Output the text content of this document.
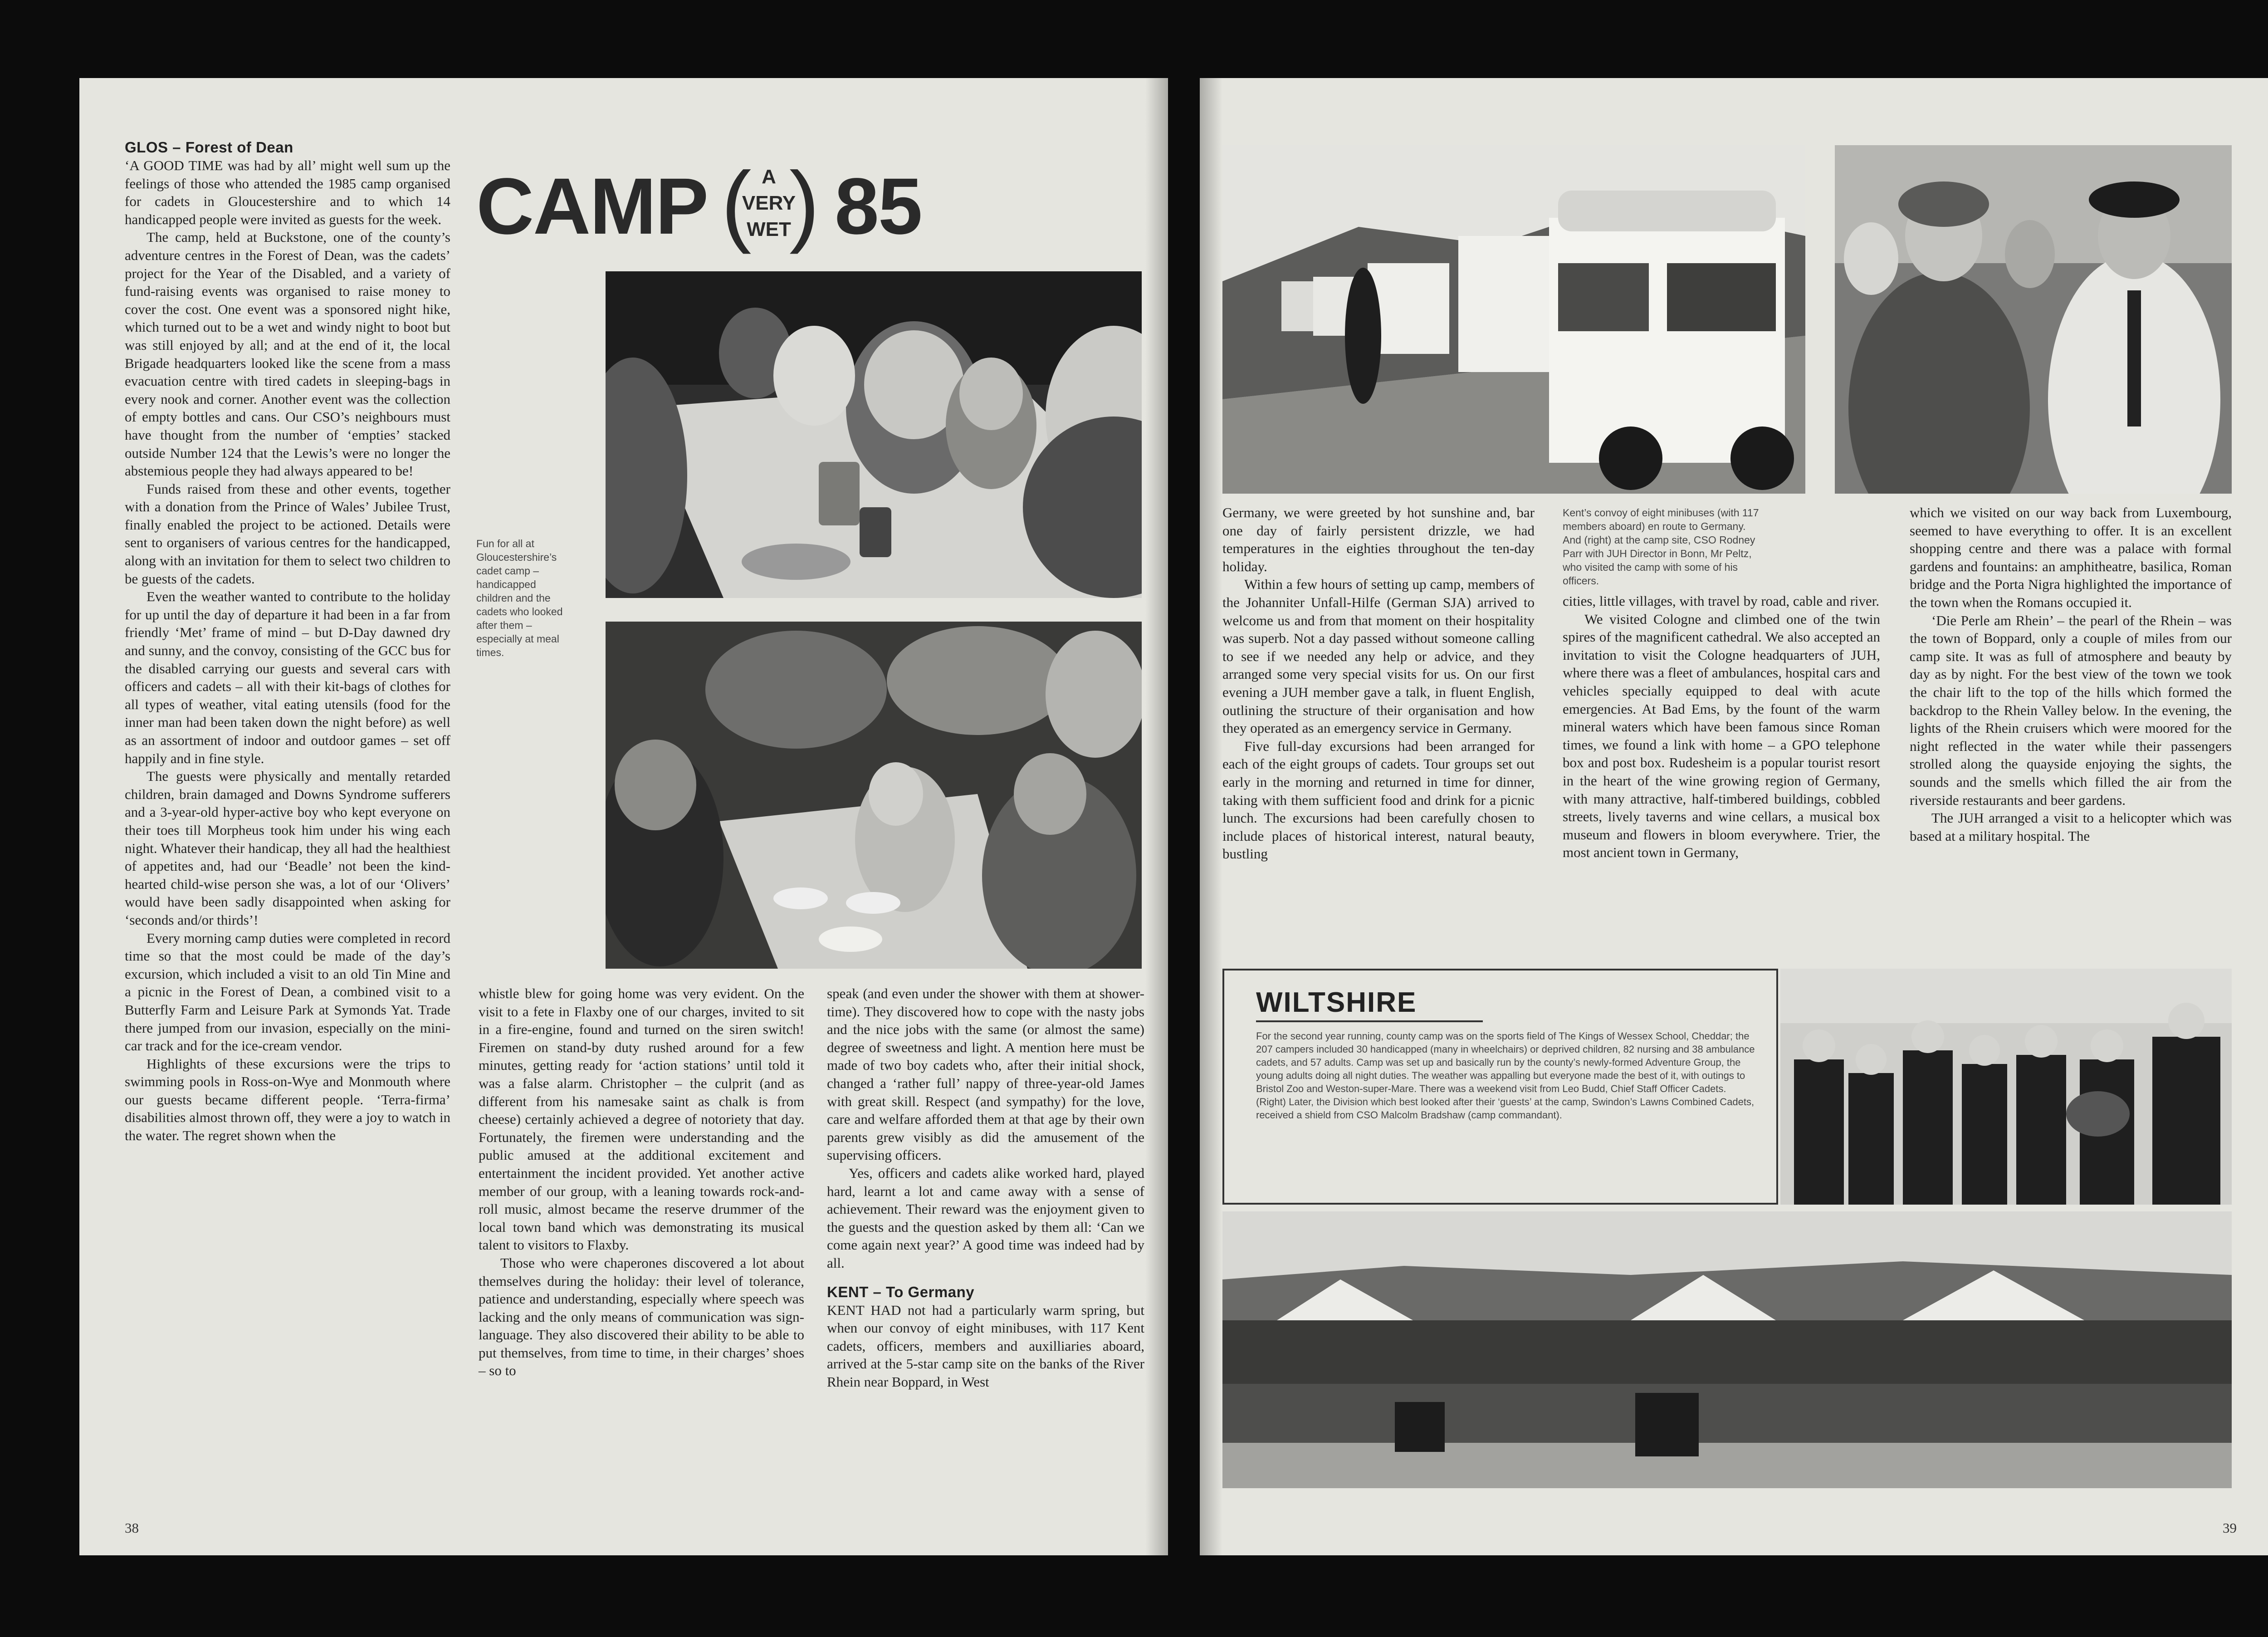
GLOS – Forest of Dean

‘A GOOD TIME was had by all’ might well sum up the feelings of those who attended the 1985 camp organised for cadets in Gloucestershire and to which 14 handicapped people were invited as guests for the week.

The camp, held at Buckstone, one of the county’s adventure centres in the Forest of Dean, was the cadets’ project for the Year of the Disabled, and a variety of fund-raising events was organised to raise money to cover the cost. One event was a sponsored night hike, which turned out to be a wet and windy night to boot but was still enjoyed by all; and at the end of it, the local Brigade headquarters looked like the scene from a mass evacuation centre with tired cadets in sleeping-bags in every nook and corner. Another event was the collection of empty bottles and cans. Our CSO’s neighbours must have thought from the number of ‘empties’ stacked outside Number 124 that the Lewis’s were no longer the abstemious people they had always appeared to be!

Funds raised from these and other events, together with a donation from the Prince of Wales’ Jubilee Trust, finally enabled the project to be actioned. Details were sent to organisers of various centres for the handicapped, along with an invitation for them to select two children to be guests of the cadets.

Even the weather wanted to contribute to the holiday for up until the day of departure it had been in a far from friendly ‘Met’ frame of mind – but D-Day dawned dry and sunny, and the convoy, consisting of the GCC bus for the disabled carrying our guests and several cars with officers and cadets – all with their kit-bags of clothes for all types of weather, vital eating utensils (food for the inner man had been taken down the night before) as well as an assortment of indoor and outdoor games – set off happily and in fine style.

The guests were physically and mentally retarded children, brain damaged and Downs Syndrome sufferers and a 3-year-old hyper-active boy who kept everyone on their toes till Morpheus took him under his wing each night. Whatever their handicap, they all had the healthiest of appetites and, had our ‘Beadle’ not been the kind-hearted child-wise person she was, a lot of our ‘Olivers’ would have been sadly disappointed when asking for ‘seconds and/or thirds’!

Every morning camp duties were completed in record time so that the most could be made of the day’s excursion, which included a visit to an old Tin Mine and a picnic in the Forest of Dean, a combined visit to a Butterfly Farm and Leisure Park at Symonds Yat. Trade there jumped from our invasion, especially on the mini-car track and for the ice-cream vendor.

Highlights of these excursions were the trips to swimming pools in Ross-on-Wye and Monmouth where our guests became different people. ‘Terra-firma’ disabilities almost thrown off, they were a joy to watch in the water. The regret shown when the

CAMP ( A
VERY
WET
) 85
Fun for all at Gloucestershire’s cadet camp – handicapped children and the cadets who looked after them – especially at meal times.

whistle blew for going home was very evident. On the visit to a fete in Flaxby one of our charges, invited to sit in a fire-engine, found and turned on the siren switch! Firemen on stand-by duty rushed around for a few minutes, getting ready for ‘action stations’ until told it was a false alarm. Christopher – the culprit (and as different from his namesake saint as chalk is from cheese) certainly achieved a degree of notoriety that day. Fortunately, the firemen were understanding and the public amused at the additional excitement and entertainment the incident provided. Yet another active member of our group, with a leaning towards rock-and-roll music, almost became the reserve drummer of the local town band which was demonstrating its musical talent to visitors to Flaxby.

Those who were chaperones discovered a lot about themselves during the holiday: their level of tolerance, patience and understanding, especially where speech was lacking and the only means of communication was sign-language. They also discovered their ability to be able to put themselves, from time to time, in their charges’ shoes – so to

speak (and even under the shower with them at shower-time). They discovered how to cope with the nasty jobs and the nice jobs with the same (or almost the same) degree of sweetness and light. A mention here must be made of two boy cadets who, after their initial shock, changed a ‘rather full’ nappy of three-year-old James with great skill. Respect (and sympathy) for the love, care and welfare afforded them at that age by their own parents grew visibly as did the amusement of the supervising officers.

Yes, officers and cadets alike worked hard, played hard, learnt a lot and came away with a sense of achievement. Their reward was the enjoyment given to the guests and the question asked by them all: ‘Can we come again next year?’ A good time was indeed had by all.

KENT – To Germany

KENT HAD not had a particularly warm spring, but when our convoy of eight minibuses, with 117 Kent cadets, officers, members and auxilliaries aboard, arrived at the 5-star camp site on the banks of the River Rhein near Boppard, in West

38

Germany, we were greeted by hot sunshine and, bar one day of fairly persistent drizzle, we had temperatures in the eighties throughout the ten-day holiday.

Within a few hours of setting up camp, members of the Johanniter Unfall-Hilfe (German SJA) arrived to welcome us and from that moment on their hospitality was superb. Not a day passed without someone calling to see if we needed any help or advice, and they arranged some very special visits for us. On our first evening a JUH member gave a talk, in fluent English, outlining the structure of their organisation and how they operated as an emergency service in Germany.

Five full-day excursions had been arranged for each of the eight groups of cadets. Tour groups set out early in the morning and returned in time for dinner, taking with them sufficient food and drink for a picnic lunch. The excursions had been carefully chosen to include places of historical interest, natural beauty, bustling

Kent’s convoy of eight minibuses (with 117 members aboard) en route to Germany. And (right) at the camp site, CSO Rodney Parr with JUH Director in Bonn, Mr Peltz, who visited the camp with some of his officers.

cities, little villages, with travel by road, cable and river.

We visited Cologne and climbed one of the twin spires of the magnificent cathedral. We also accepted an invitation to visit the Cologne headquarters of JUH, where there was a fleet of ambulances, hospital cars and vehicles specially equipped to deal with acute emergencies. At Bad Ems, by the fount of the warm mineral waters which have been famous since Roman times, we found a link with home – a GPO telephone box and post box. Rudesheim is a popular tourist resort in the heart of the wine growing region of Germany, with many attractive, half-timbered buildings, cobbled streets, lively taverns and wine cellars, a musical box museum and flowers in bloom everywhere. Trier, the most ancient town in Germany,

which we visited on our way back from Luxembourg, seemed to have everything to offer. It is an excellent shopping centre and there was a palace with formal gardens and fountains: an amphitheatre, basilica, Roman bridge and the Porta Nigra highlighted the importance of the town when the Romans occupied it.

‘Die Perle am Rhein’ – the pearl of the Rhein – was the town of Boppard, only a couple of miles from our camp site. It was as full of atmosphere and beauty by day as by night. For the best view of the town we took the chair lift to the top of the hills which formed the backdrop to the Rhein Valley below. In the evening, the lights of the Rhein cruisers which were moored for the night reflected in the water while their passengers strolled along the quayside enjoying the sights, the sounds and the smells which filled the air from the riverside restaurants and beer gardens.

The JUH arranged a visit to a helicopter which was based at a military hospital. The

WILTSHIRE
For the second year running, county camp was on the sports field of The Kings of Wessex School, Cheddar; the 207 campers included 30 handicapped (many in wheelchairs) or deprived children, 82 nursing and 38 ambulance cadets, and 57 adults. Camp was set up and basically run by the county’s newly-formed Adventure Group, the young adults doing all night duties. The weather was appalling but everyone made the best of it, with outings to Bristol Zoo and Weston-super-Mare. There was a weekend visit from Leo Budd, Chief Staff Officer Cadets. (Right) Later, the Division which best looked after their ‘guests’ at the camp, Swindon’s Lawns Combined Cadets, received a shield from CSO Malcolm Bradshaw (camp commandant).
39
